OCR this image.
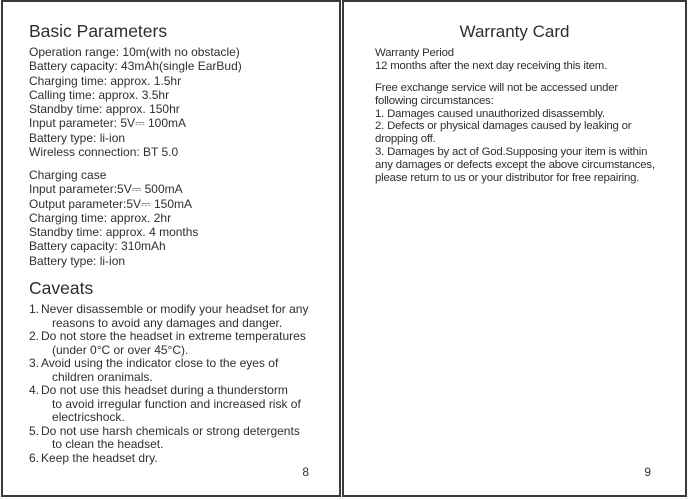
Basic Parameters
Operation range: 10m(with no obstacle)
Battery capacity: 43mAh(single EarBud)
Charging time: approx. 1.5hr
Calling time: approx. 3.5hr
Standby time: approx. 150hr
Input parameter: 5V⎓ 100mA
Battery type: li-ion
Wireless connection: BT 5.0
Charging case
Input parameter:5V⎓ 500mA
Output parameter:5V⎓ 150mA
Charging time: approx. 2hr
Standby time: approx. 4 months
Battery capacity: 310mAh
Battery type: li-ion
Caveats
1. Never disassemble or modify your headset for any
reasons to avoid any damages and danger.
2. Do not store the headset in extreme temperatures
(under 0°C or over 45°C).
3. Avoid using the indicator close to the eyes of
children oranimals.
4. Do not use this headset during a thunderstorm
to avoid irregular function and increased risk of electricshock.
5. Do not use harsh chemicals or strong detergents
to clean the headset.
6. Keep the headset dry.
8
Warranty Card
Warranty Period
12 months after the next day receiving this item.
Free exchange service will not be accessed under
following circumstances:
1. Damages caused unauthorized disassembly.
2. Defects or physical damages caused by leaking or
dropping off.
3. Damages by act of God.Supposing your item is within
any damages or defects except the above circumstances,
please return to us or your distributor for free repairing.
9
